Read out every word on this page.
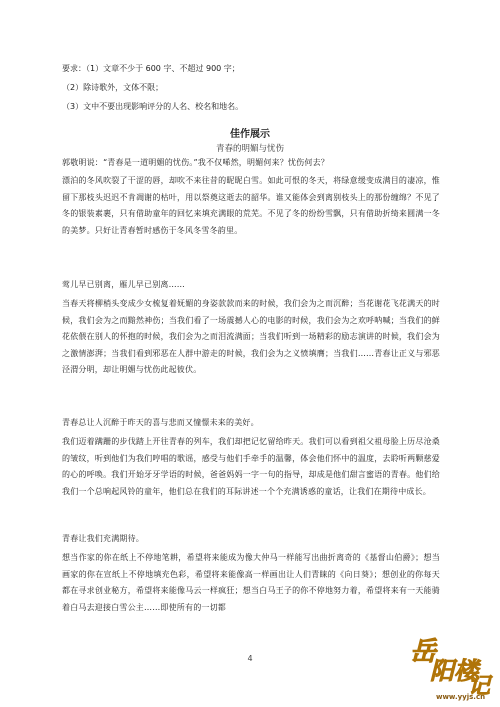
要求：（1）文章不少于 600 字、不超过 900 字；
（2）除诗歌外，文体不限；
（3）文中不要出现影响评分的人名、校名和地名。
佳作展示
青春的明媚与忧伤
郭敬明说：“青春是一道明媚的忧伤。”我不仅唏然，明媚何来？忧伤何去？
漂泊的冬风吹裂了干涩的唇，却吹不来往昔的昵昵白雪。如此可恨的冬天，将绿意缓变成满目的凄凉，惟留下那枝头迟迟不肯凋谢的枯叶，用以祭奠这逝去的韶华。谁又能体会到离别枝头上的那份缠绵？不见了冬的银装素裹，只有借助童年的回忆来填充满眼的荒芜。不见了冬的纷纷雪飘，只有借助折绮来圆满一冬的美梦。只好让青春暂时感伤于冬风冬雪冬韵里。
莺儿早已别离，雁儿早已别离……
当春天将柳梢头变成少女梳复着妩媚的身姿款款而来的时候，我们会为之而沉醉；当花谢花飞花满天的时候，我们会为之而黯然神伤；当我们看了一场震撼人心的电影的时候，我们会为之欢呼呐喊；当我们的鲜花依偎在别人的怀抱的时候，我们会为之而泪流满面；当我们听到一场精彩的励志演讲的时候，我们会为之激情澎湃；当我们看到邪恶在人群中游走的时候，我们会为之义愤填膺；当我们……青春让正义与邪恶泾渭分明，却让明媚与忧伤此起彼伏。
青春总让人沉醉于昨天的喜与悲而又憧憬未来的美好。
我们迈着蹒跚的步伐踏上开往青春的列车，我们却把记忆留给昨天。我们可以看到祖父祖母脸上历尽沧桑的皱纹，听到他们为我们哼唱的歌谣，感受与他们手牵手的温馨，体会他们怀中的温度，去聆听两颗慈爱的心的呼唤。我们开始牙牙学语的时候，爸爸妈妈一字一句的指导，却成是他们甜言蜜语的青春。他们给我们一个总响起风铃的童年，他们总在我们的耳际讲述一个个充满诱惑的童话，让我们在期待中成长。
青春让我们充满期待。
想当作家的你在纸上不停地笔耕，希望将来能成为像大仲马一样能写出曲折离奇的《基督山伯爵》；想当画家的你在宣纸上不停地填充色彩，希望将来能像高一样画出让人们青睐的《向日葵》；想创业的你每天都在寻求创业秘方，希望将来能像马云一样疯狂；想当白马王子的你不停地努力着，希望将来有一天能骑着白马去迎接白雪公主……即使所有的一切都
4	岳
阳楼
记
www.yyjs.cn
